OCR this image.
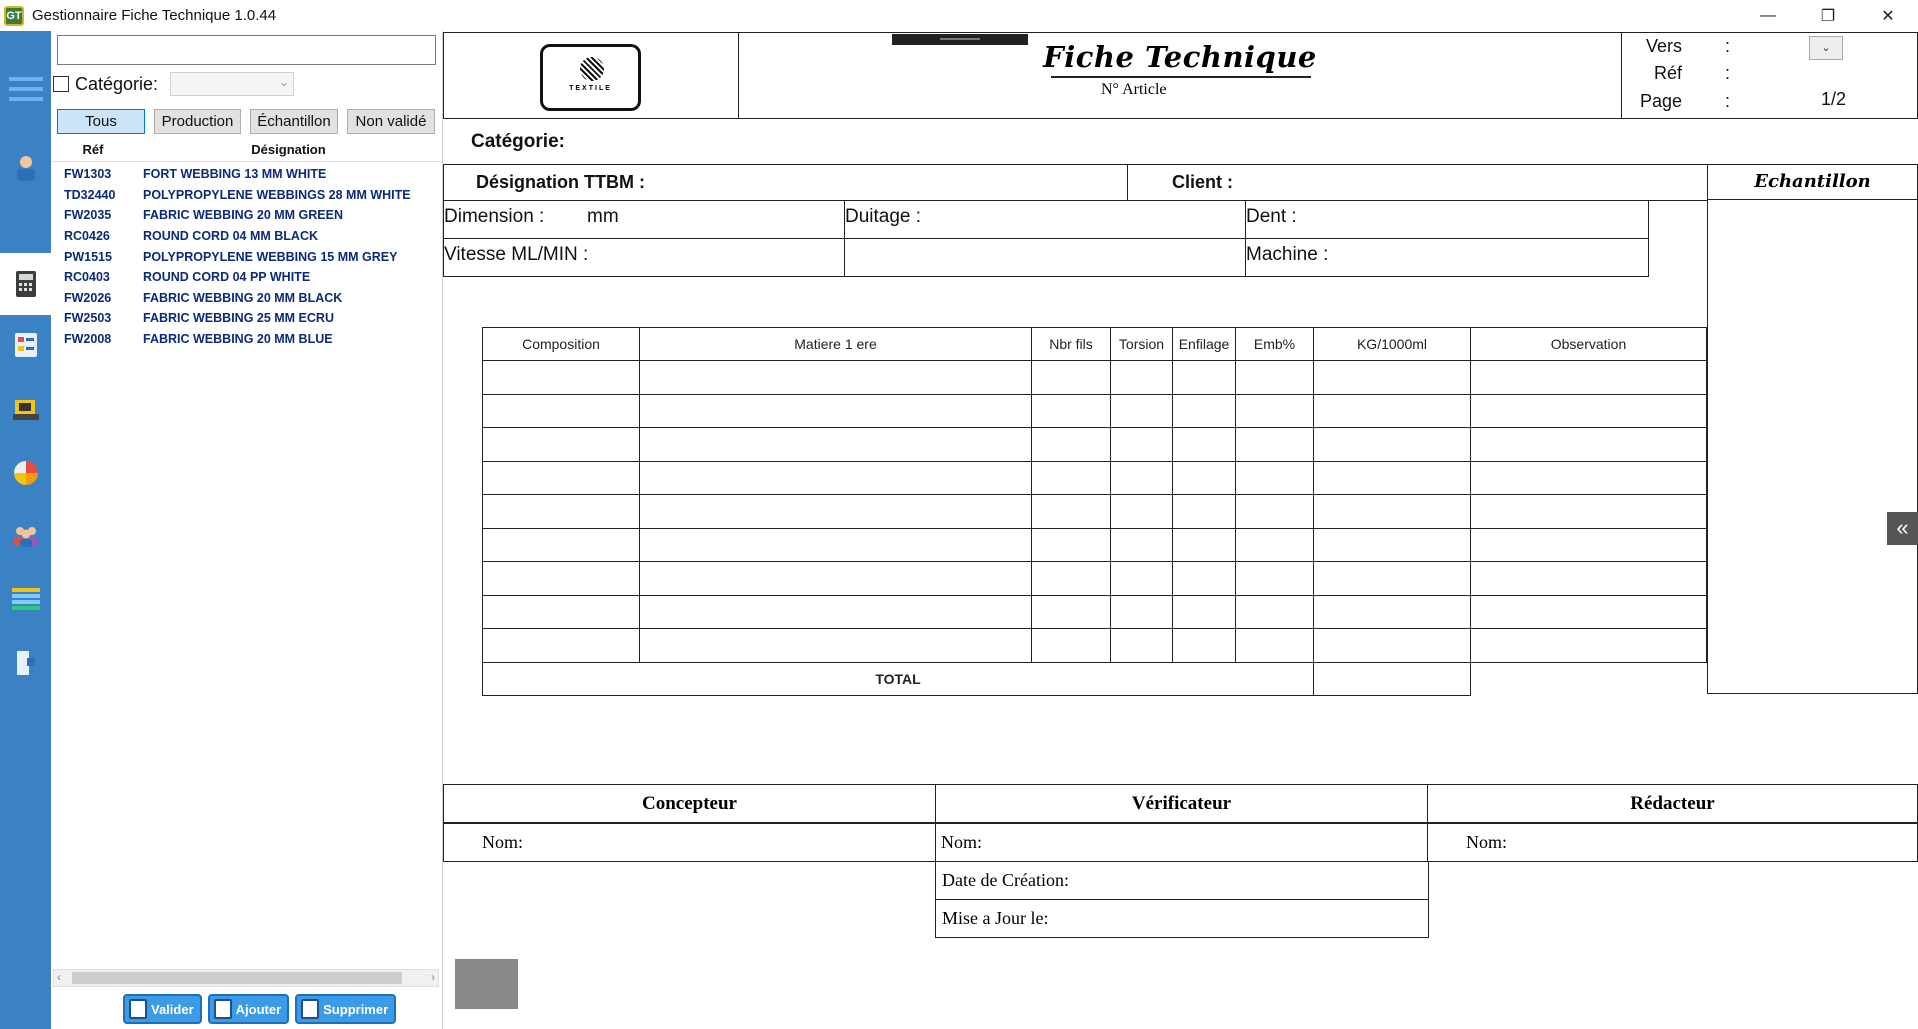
GT Gestionnaire Fiche Technique 1.0.44	—	❐	✕
Catégorie:	⌄
Tous	Production	Échantillon	Non validé
Réf	Désignation
FW1303	FORT WEBBING 13 MM WHITE
TD32440	POLYPROPYLENE WEBBINGS 28 MM WHITE
FW2035	FABRIC WEBBING 20 MM GREEN
RC0426	ROUND CORD 04 MM BLACK
PW1515	POLYPROPYLENE WEBBING 15 MM GREY
RC0403	ROUND CORD 04 PP WHITE
FW2026	FABRIC WEBBING 20 MM BLACK
FW2503	FABRIC WEBBING 25 MM ECRU
FW2008	FABRIC WEBBING 20 MM BLUE
‹	›
Valider	Ajouter	Supprimer
TEXTILE
Fiche Technique
N° Article
Vers :	⌄
Réf :
Page :	1/2
Catégorie:
Désignation TTBM :	Client :	Echantillon
Dimension : mm	Duitage :	Dent :
Vitesse ML/MIN :	Machine :
Composition	Matiere 1 ere	Nbr fils	Torsion	Enfilage	Emb%	KG/1000ml	Observation

TOTAL							
Concepteur	Vérificateur	Rédacteur
Nom:	Nom:	Nom:
Date de Création:
Mise a Jour le:
«
